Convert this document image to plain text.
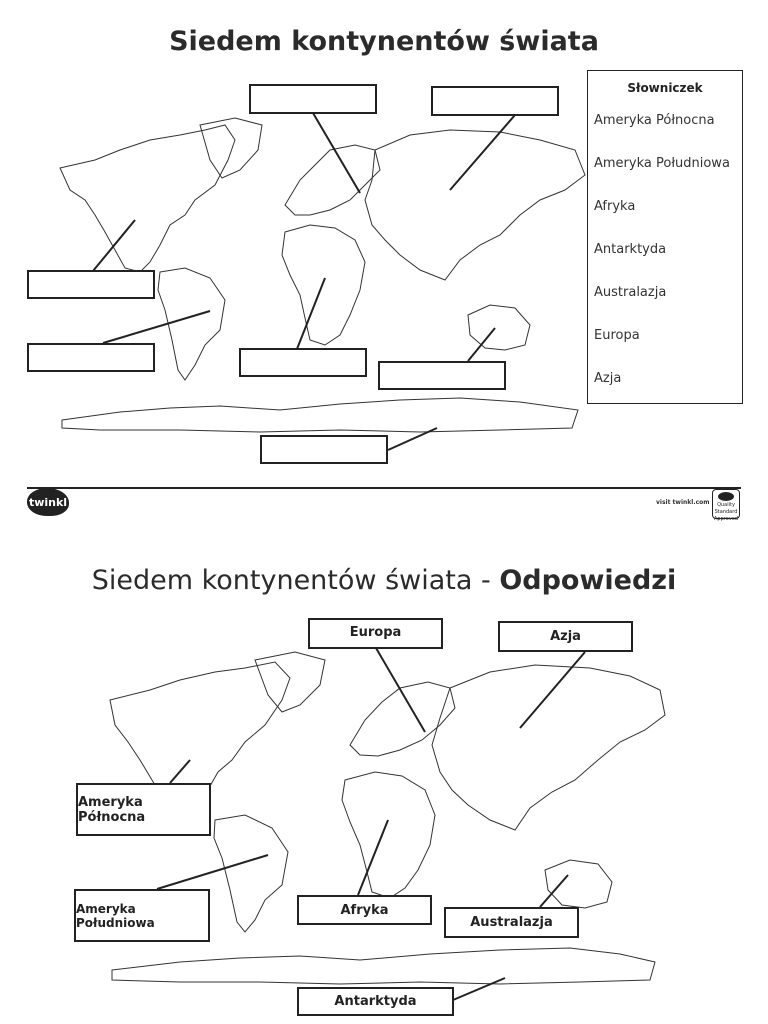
Siedem kontynentów świata
Słowniczek
Ameryka Północna
Ameryka Południowa
Afryka
Antarktyda
Australazja
Europa
Azja
twinkl	visit twinkl.com	Quality Standard Approved
Siedem kontynentów świata - Odpowiedzi
Europa	Azja
Ameryka Północna
Ameryka Południowa
Afryka
Australazja
Antarktyda
